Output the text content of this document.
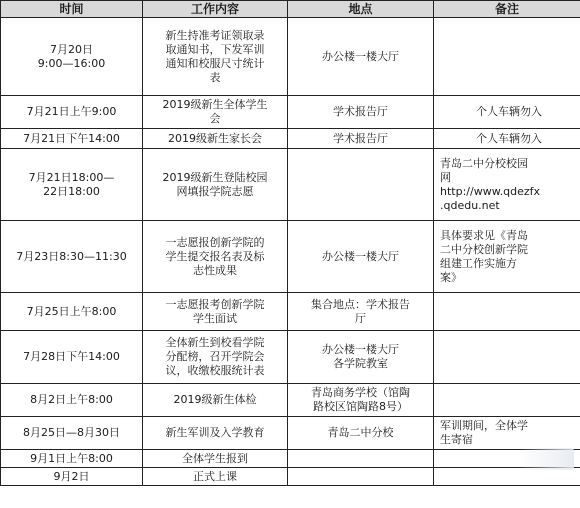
时间	工作内容	地点	备注
7月20日
9:00—16:00	新生持准考证领取录
取通知书，下发军训
通知和校服尺寸统计
表	办公楼一楼大厅	
7月21日上午9:00	2019级新生全体学生
会	学术报告厅	个人车辆勿入
7月21日下午14:00	2019级新生家长会	学术报告厅	个人车辆勿入
7月21日18:00—
22日18:00	2019级新生登陆校园
网填报学院志愿		青岛二中分校校园
网
http://www.qdezfx
.qdedu.net
7月23日8:30—11:30	一志愿报创新学院的
学生提交报名表及标
志性成果	办公楼一楼大厅	具体要求见《青岛
二中分校创新学院
组建工作实施方
案》
7月25日上午8:00	一志愿报考创新学院
学生面试	集合地点：学术报告
厅	
7月28日下午14:00	全体新生到校看学院
分配榜，召开学院会
议，收缴校服统计表	办公楼一楼大厅
各学院教室	
8月2日上午8:00	2019级新生体检	青岛商务学校（馆陶
路校区馆陶路8号）	
8月25日—8月30日	新生军训及入学教育	青岛二中分校	军训期间，全体学
生寄宿
9月1日上午8:00	全体学生报到		
9月2日	正式上课		
